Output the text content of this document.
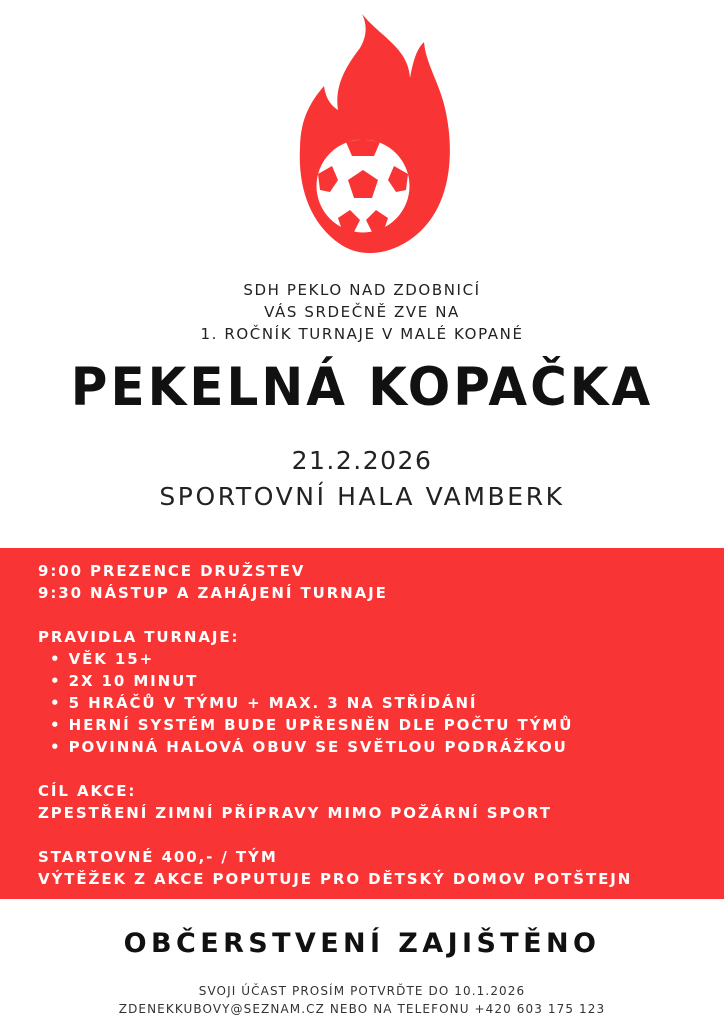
SDH PEKLO NAD ZDOBNICÍ
VÁS SRDEČNĚ ZVE NA
1. ROČNÍK TURNAJE V MALÉ KOPANÉ
PEKELNÁ KOPAČKA
21.2.2026
SPORTOVNÍ HALA VAMBERK
9:00 PREZENCE DRUŽSTEV
9:30 NÁSTUP A ZAHÁJENÍ TURNAJE
PRAVIDLA TURNAJE:
• VĚK 15+
• 2X 10 MINUT
• 5 HRÁČŮ V TÝMU + MAX. 3 NA STŘÍDÁNÍ
• HERNÍ SYSTÉM BUDE UPŘESNĚN DLE POČTU TÝMŮ
• POVINNÁ HALOVÁ OBUV SE SVĚTLOU PODRÁŽKOU
CÍL AKCE:
ZPESTŘENÍ ZIMNÍ PŘÍPRAVY MIMO POŽÁRNÍ SPORT
STARTOVNÉ 400,- / TÝM
VÝTĚŽEK Z AKCE POPUTUJE PRO DĚTSKÝ DOMOV POTŠTEJN
OBČERSTVENÍ ZAJIŠTĚNO
SVOJI ÚČAST PROSÍM POTVRĎTE DO 10.1.2026
ZDENEKKUBOVY@SEZNAM.CZ NEBO NA TELEFONU +420 603 175 123
